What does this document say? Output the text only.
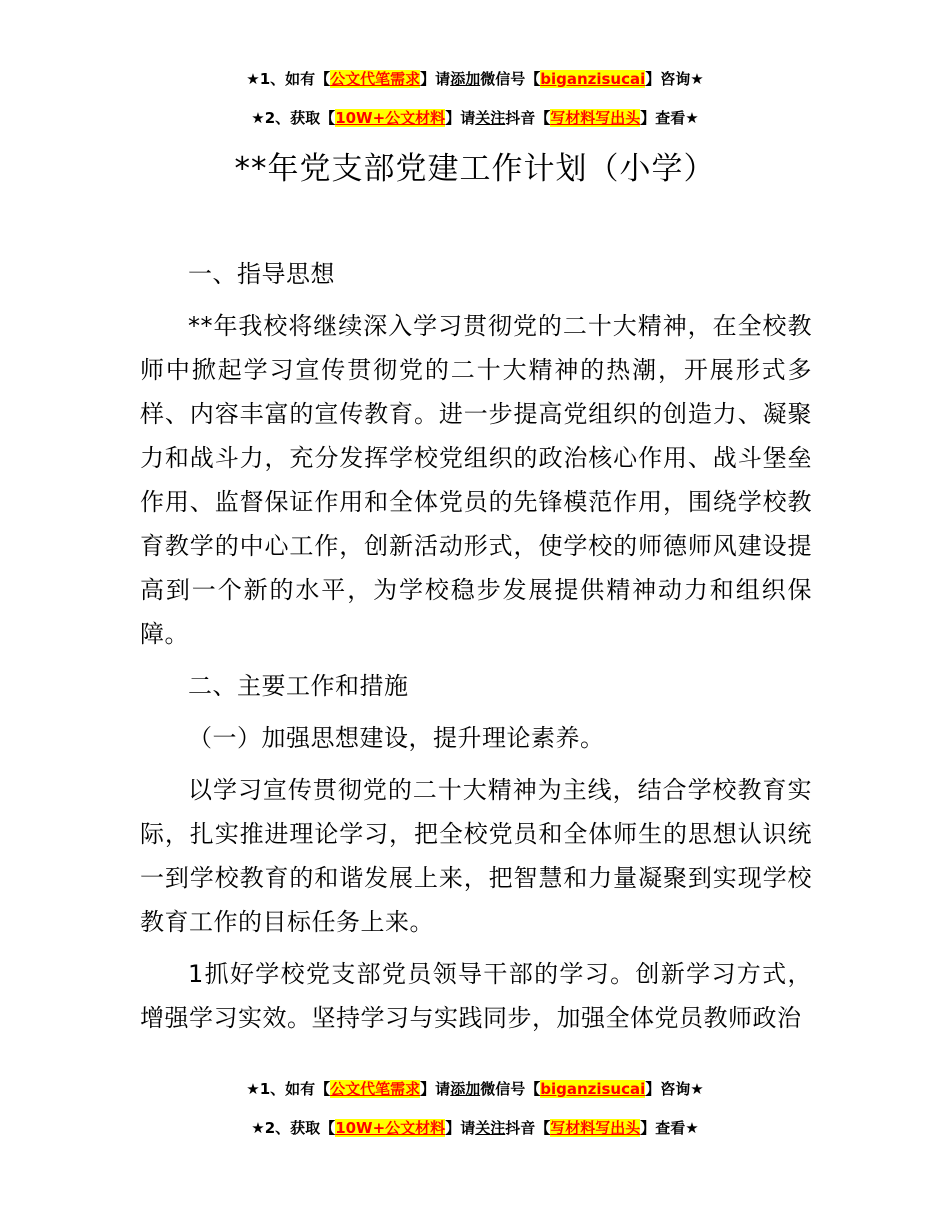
★1、如有【公文代笔需求】请添加微信号【biganzisucai】咨询★
★2、获取【10W+公文材料】请关注抖音【写材料写出头】查看★
**年党支部党建工作计划（小学）

一、指导思想

**年我校将继续深入学习贯彻党的二十大精神，在全校教师中掀起学习宣传贯彻党的二十大精神的热潮，开展形式多样、内容丰富的宣传教育。进一步提高党组织的创造力、凝聚力和战斗力，充分发挥学校党组织的政治核心作用、战斗堡垒作用、监督保证作用和全体党员的先锋模范作用，围绕学校教育教学的中心工作，创新活动形式，使学校的师德师风建设提高到一个新的水平，为学校稳步发展提供精神动力和组织保障。

二、主要工作和措施

（一）加强思想建设，提升理论素养。

以学习宣传贯彻党的二十大精神为主线，结合学校教育实际，扎实推进理论学习，把全校党员和全体师生的思想认识统一到学校教育的和谐发展上来，把智慧和力量凝聚到实现学校教育工作的目标任务上来。

1抓好学校党支部党员领导干部的学习。创新学习方式，增强学习实效。坚持学习与实践同步，加强全体党员教师政治

★1、如有【公文代笔需求】请添加微信号【biganzisucai】咨询★
★2、获取【10W+公文材料】请关注抖音【写材料写出头】查看★
